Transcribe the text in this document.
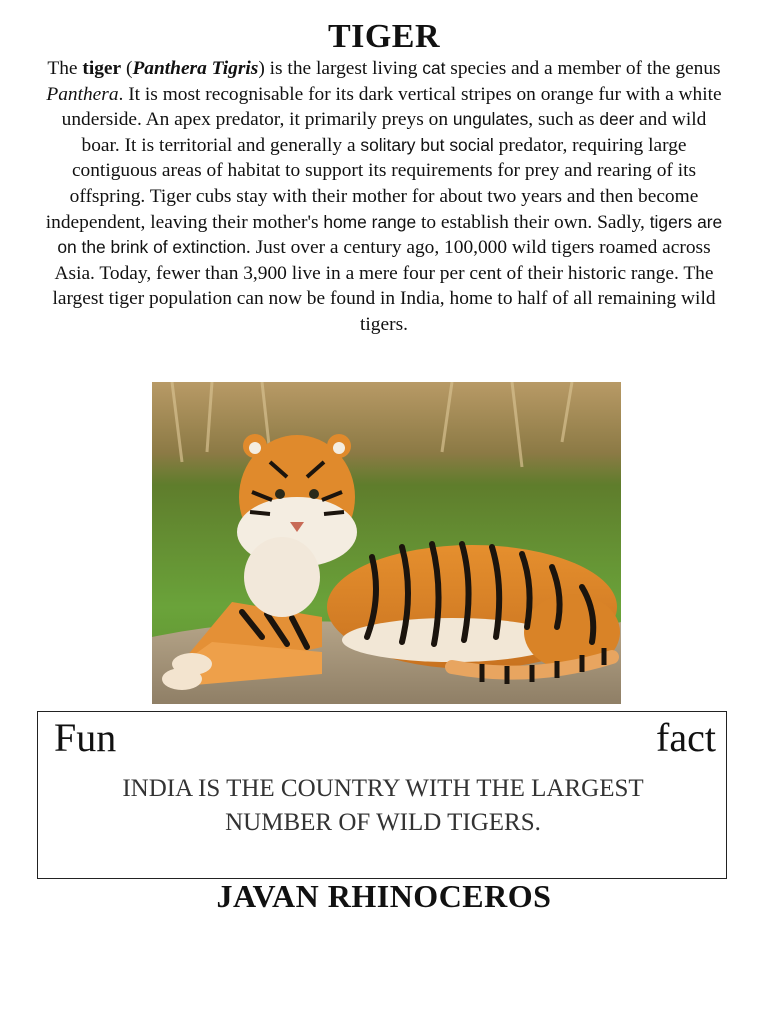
TIGER

The tiger (Panthera Tigris) is the largest living cat species and a member of the genus Panthera. It is most recognisable for its dark vertical stripes on orange fur with a white underside. An apex predator, it primarily preys on ungulates, such as deer and wild boar. It is territorial and generally a solitary but social predator, requiring large contiguous areas of habitat to support its requirements for prey and rearing of its offspring. Tiger cubs stay with their mother for about two years and then become independent, leaving their mother's home range to establish their own. Sadly, tigers are on the brink of extinction. Just over a century ago, 100,000 wild tigers roamed across Asia. Today, fewer than 3,900 live in a mere four per cent of their historic range. The largest tiger population can now be found in India, home to half of all remaining wild tigers.

Fun	fact
INDIA IS THE COUNTRY WITH THE LARGEST NUMBER OF WILD TIGERS.
JAVAN RHINOCEROS
